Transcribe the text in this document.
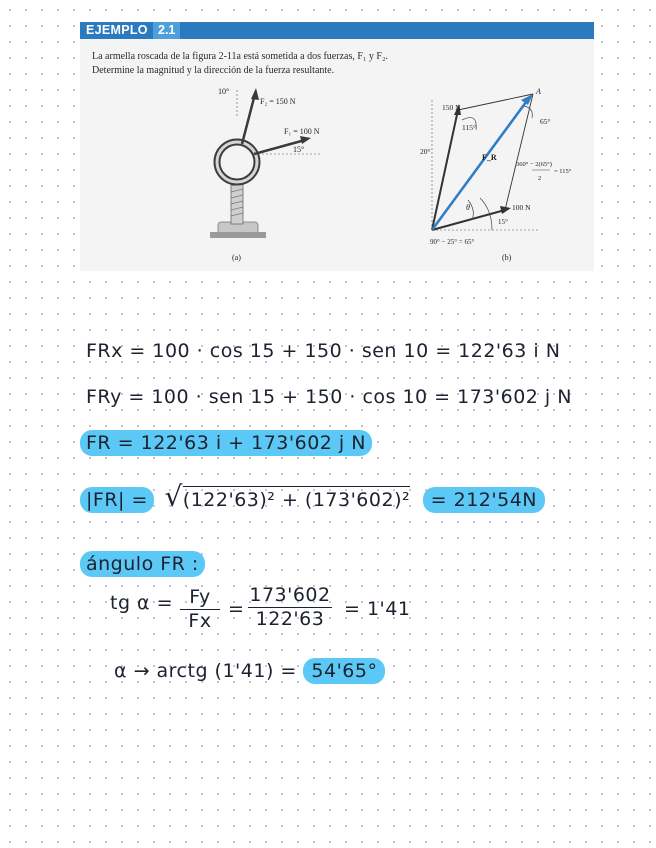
EJEMPLO 2.1
La armella roscada de la figura 2-11a está sometida a dos fuerzas, F₁ y F₂. Determine la magnitud y la dirección de la fuerza resultante.
10°
F₂ = 150 N
F₁ = 100 N
15°
(a)
150 N
115°
20°
A
65°
F_R
θ
360° − 2(65°)
= 115°
2
100 N
15°
90° − 25° = 65°
(b)
FRx = 100 · cos 15 + 150 · sen 10 = 122'63 i N
FRy = 100 · sen 15 + 150 · cos 10 = 173'602 j N
FR = 122'63 i + 173'602 j N
|FR| = √(122'63)² + (173'602)² = 212'54N
ángulo FR :
tg α = Fy
Fx
= $\frac{173'602}{122'63} = 1'41$
α → arctg (1'41) = 54'65°
